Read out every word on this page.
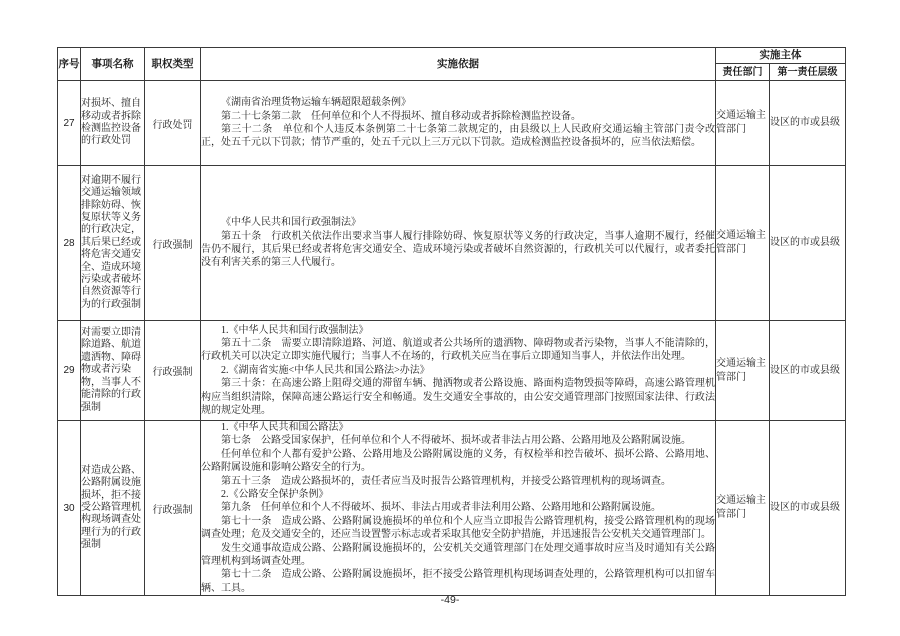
序号	事项名称	职权类型	实施依据	实施主体	
				责任部门	第一责任层级
27	对损坏、擅自移动或者拆除检测监控设备的行政处罚	行政处罚	《湖南省治理货物运输车辆超限超载条例》

第二十七条第二款　任何单位和个人不得损坏、擅自移动或者拆除检测监控设备。

第三十二条　单位和个人违反本条例第二十七条第二款规定的，由县级以上人民政府交通运输主管部门责令改正，处五千元以下罚款；情节严重的，处五千元以上三万元以下罚款。造成检测监控设备损坏的，应当依法赔偿。	交通运输主管部门	设区的市或县级
28	对逾期不履行交通运输领域排除妨碍、恢复原状等义务的行政决定，其后果已经或将危害交通安全、造成环境污染或者破坏自然资源等行为的行政强制	行政强制	《中华人民共和国行政强制法》

第五十条　行政机关依法作出要求当事人履行排除妨碍、恢复原状等义务的行政决定，当事人逾期不履行，经催告仍不履行，其后果已经或者将危害交通安全、造成环境污染或者破坏自然资源的，行政机关可以代履行，或者委托没有利害关系的第三人代履行。	交通运输主管部门	设区的市或县级
29	对需要立即清除道路、航道遗洒物、障碍物或者污染物，当事人不能清除的行政强制	行政强制	1.《中华人民共和国行政强制法》

第五十二条　需要立即清除道路、河道、航道或者公共场所的遗洒物、障碍物或者污染物，当事人不能清除的，行政机关可以决定立即实施代履行；当事人不在场的，行政机关应当在事后立即通知当事人，并依法作出处理。

2.《湖南省实施<中华人民共和国公路法>办法》

第三十条：在高速公路上阻碍交通的滞留车辆、抛洒物或者公路设施、路面构造物毁损等障碍，高速公路管理机构应当组织清除，保障高速公路运行安全和畅通。发生交通安全事故的，由公安交通管理部门按照国家法律、行政法规的规定处理。	交通运输主管部门	设区的市或县级
30	对造成公路、公路附属设施损坏，拒不接受公路管理机构现场调查处理行为的行政强制	行政强制	

1.《中华人民共和国公路法》

第七条　公路受国家保护，任何单位和个人不得破坏、损坏或者非法占用公路、公路用地及公路附属设施。

任何单位和个人都有爱护公路、公路用地及公路附属设施的义务，有权检举和控告破坏、损坏公路、公路用地、公路附属设施和影响公路安全的行为。

第五十三条　造成公路损坏的，责任者应当及时报告公路管理机构，并接受公路管理机构的现场调查。

2.《公路安全保护条例》

第九条　任何单位和个人不得破坏、损坏、非法占用或者非法利用公路、公路用地和公路附属设施。

第七十一条　造成公路、公路附属设施损坏的单位和个人应当立即报告公路管理机构，接受公路管理机构的现场调查处理；危及交通安全的，还应当设置警示标志或者采取其他安全防护措施，并迅速报告公安机关交通管理部门。

发生交通事故造成公路、公路附属设施损坏的，公安机关交通管理部门在处理交通事故时应当及时通知有关公路管理机构到场调查处理。

第七十二条　造成公路、公路附属设施损坏，拒不接受公路管理机构现场调查处理的，公路管理机构可以扣留车辆、工具。

	交通运输主管部门	设区的市或县级
-49-
